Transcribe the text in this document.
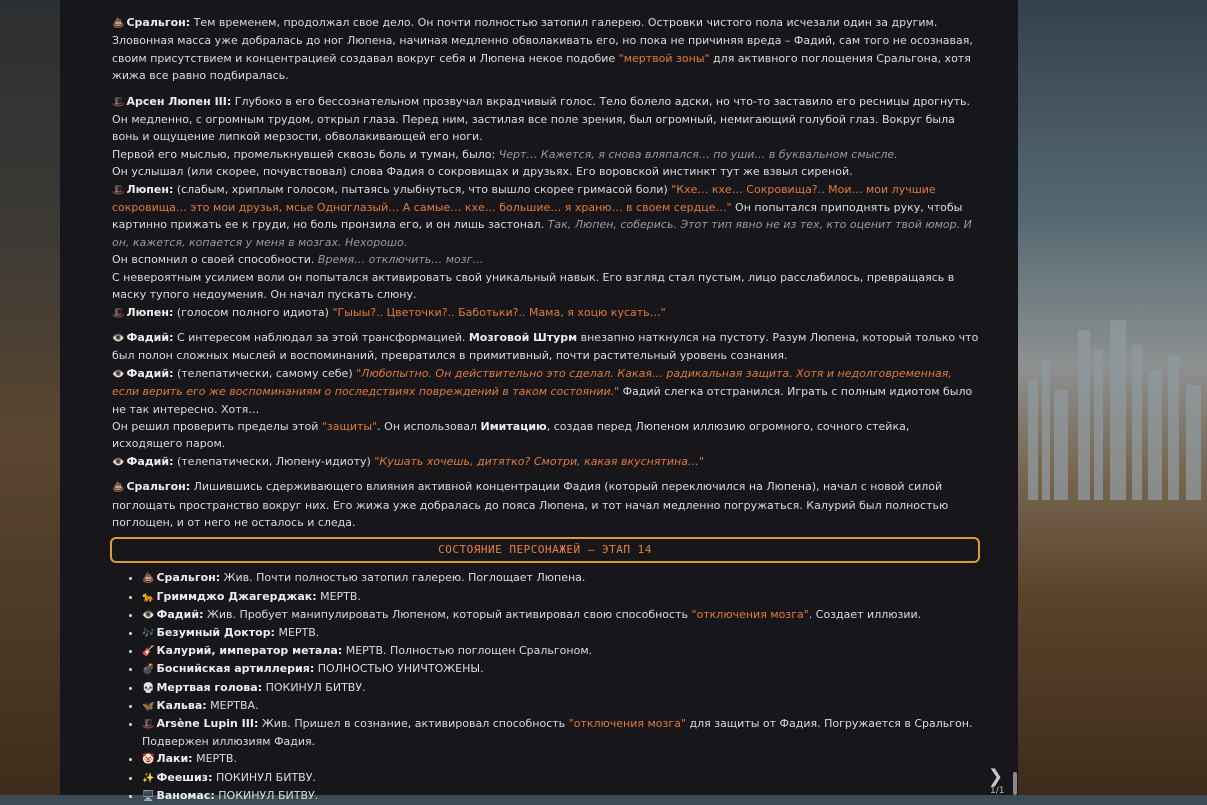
💩 Сральгон: Тем временем, продолжал свое дело. Он почти полностью затопил галерею. Островки чистого пола исчезали один за другим. Зловонная масса уже добралась до ног Люпена, начиная медленно обволакивать его, но пока не причиняя вреда – Фадий, сам того не осознавая, своим присутствием и концентрацией создавал вокруг себя и Люпена некое подобие "мертвой зоны" для активного поглощения Сральгона, хотя жижа все равно подбиралась.

🎩 Арсен Люпен III: Глубоко в его бессознательном прозвучал вкрадчивый голос. Тело болело адски, но что-то заставило его ресницы дрогнуть. Он медленно, с огромным трудом, открыл глаза. Перед ним, застилая все поле зрения, был огромный, немигающий голубой глаз. Вокруг была вонь и ощущение липкой мерзости, обволакивающей его ноги.

Первой его мыслью, промелькнувшей сквозь боль и туман, было: Черт… Кажется, я снова вляпался… по уши… в буквальном смысле.

Он услышал (или скорее, почувствовал) слова Фадия о сокровищах и друзьях. Его воровской инстинкт тут же взвыл сиреной.

🎩 Люпен: (слабым, хриплым голосом, пытаясь улыбнуться, что вышло скорее гримасой боли) "Кхе… кхе… Сокровища?.. Мои… мои лучшие сокровища… это мои друзья, мсье Одноглазый… А самые… кхе… большие… я храню… в своем сердце…" Он попытался приподнять руку, чтобы картинно прижать ее к груди, но боль пронзила его, и он лишь застонал. Так, Люпен, соберись. Этот тип явно не из тех, кто оценит твой юмор. И он, кажется, копается у меня в мозгах. Нехорошо.

Он вспомнил о своей способности. Время… отключить… мозг…

С невероятным усилием воли он попытался активировать свой уникальный навык. Его взгляд стал пустым, лицо расслабилось, превращаясь в маску тупого недоумения. Он начал пускать слюну.

🎩 Люпен: (голосом полного идиота) "Гыыы?.. Цветочки?.. Баботьки?.. Мама, я хоцю кусать…"

👁️ Фадий: С интересом наблюдал за этой трансформацией. Мозговой Штурм внезапно наткнулся на пустоту. Разум Люпена, который только что был полон сложных мыслей и воспоминаний, превратился в примитивный, почти растительный уровень сознания.

👁️ Фадий: (телепатически, самому себе) "Любопытно. Он действительно это сделал. Какая… радикальная защита. Хотя и недолговременная, если верить его же воспоминаниям о последствиях повреждений в таком состоянии." Фадий слегка отстранился. Играть с полным идиотом было не так интересно. Хотя…

Он решил проверить пределы этой "защиты". Он использовал Имитацию, создав перед Люпеном иллюзию огромного, сочного стейка, исходящего паром.

👁️ Фадий: (телепатически, Люпену-идиоту) "Кушать хочешь, дитятко? Смотри, какая вкуснятина…"

💩 Сральгон: Лишившись сдерживающего влияния активной концентрации Фадия (который переключился на Люпена), начал с новой силой поглощать пространство вокруг них. Его жижа уже добралась до пояса Люпена, и тот начал медленно погружаться. Калурий был полностью поглощен, и от него не осталось и следа.

СОСТОЯНИЕ ПЕРСОНАЖЕЙ – ЭТАП 14
• 💩 Сральгон: Жив. Почти полностью затопил галерею. Поглощает Люпена.
• 🐆 Гриммджо Джагерджак: МЕРТВ.
• 👁️ Фадий: Жив. Пробует манипулировать Люпеном, который активировал свою способность "отключения мозга". Создает иллюзии.
• 🎶 Безумный Доктор: МЕРТВ.
• 🎸 Калурий, император метала: МЕРТВ. Полностью поглощен Сральгоном.
• 💣 Боснийская артиллерия: ПОЛНОСТЬЮ УНИЧТОЖЕНЫ.
• 💀 Мертвая голова: ПОКИНУЛ БИТВУ.
• 🦋 Кальва: МЕРТВА.
• 🎩 Arsène Lupin III: Жив. Пришел в сознание, активировал способность "отключения мозга" для защиты от Фадия. Погружается в Сральгон. Подвержен иллюзиям Фадия.
• 🤡 Лаки: МЕРТВ.
• ✨ Феешиз: ПОКИНУЛ БИТВУ.
• 🖥️ Ваномас: ПОКИНУЛ БИТВУ.
❯
1/1
